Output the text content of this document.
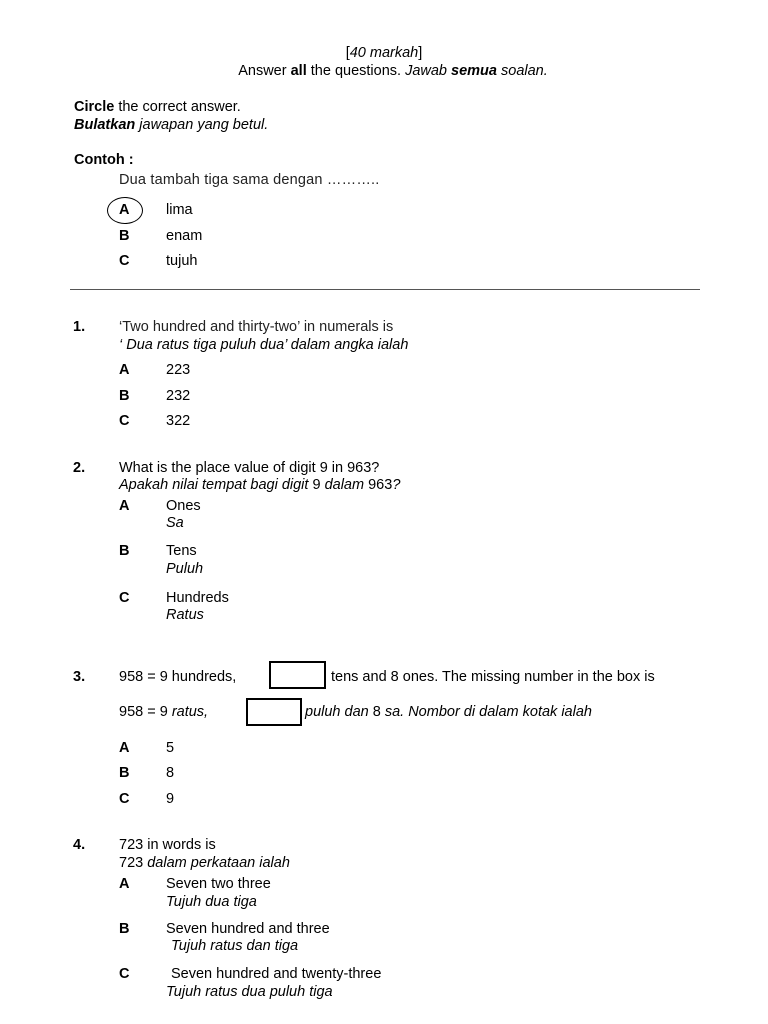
[40 markah]
Answer all the questions. Jawab semua soalan.
Circle the correct answer.
Bulatkan jawapan yang betul.
Contoh :
Dua tambah tiga sama dengan ………..
A	lima
B	enam
C	tujuh
1. ‘Two hundred and thirty-two’ in numerals is
‘ Dua ratus tiga puluh dua’ dalam angka ialah
A	223
B	232
C	322
2. What is the place value of digit 9 in 963?
Apakah nilai tempat bagi digit 9 dalam 963?
A	Ones
Sa
B	Tens
Puluh
C	Hundreds
Ratus
3. 958 = 9 hundreds,	tens and 8 ones. The missing number in the box is
958 = 9 ratus,	puluh dan 8 sa. Nombor di dalam kotak ialah
A	5
B	8
C	9
4. 723 in words is
723 dalam perkataan ialah
A	Seven two three
Tujuh dua tiga
B	Seven hundred and three
Tujuh ratus dan tiga
C	Seven hundred and twenty-three
Tujuh ratus dua puluh tiga
